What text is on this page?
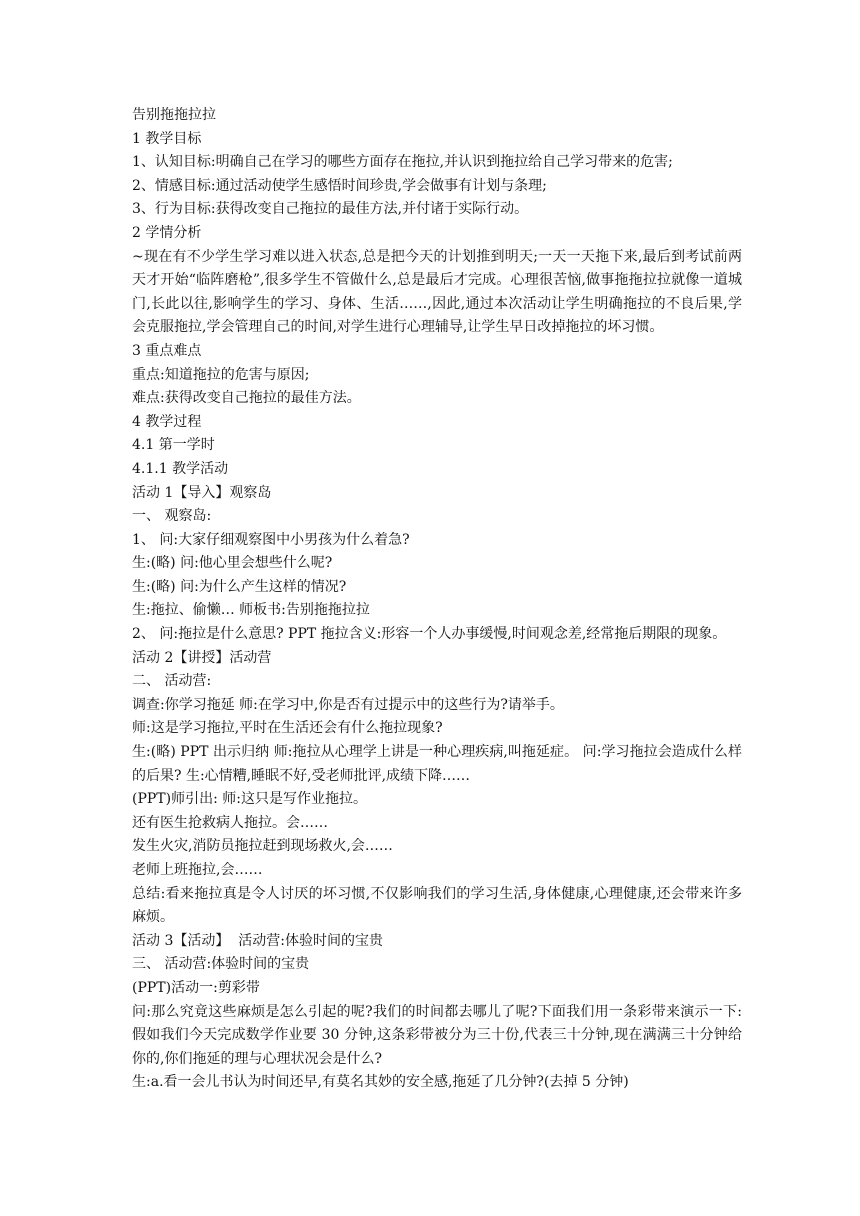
告别拖拖拉拉

1 教学目标

1、认知目标:明确自己在学习的哪些方面存在拖拉,并认识到拖拉给自己学习带来的危害;

2、情感目标:通过活动使学生感悟时间珍贵,学会做事有计划与条理;

3、行为目标:获得改变自己拖拉的最佳方法,并付诸于实际行动。

2 学情分析

~现在有不少学生学习难以进入状态,总是把今天的计划推到明天;一天一天拖下来,最后到考试前两天才开始“临阵磨枪”,很多学生不管做什么,总是最后才完成。心理很苦恼,做事拖拖拉拉就像一道城门,长此以往,影响学生的学习、身体、生活……,因此,通过本次活动让学生明确拖拉的不良后果,学会克服拖拉,学会管理自己的时间,对学生进行心理辅导,让学生早日改掉拖拉的坏习惯。

3 重点难点

重点:知道拖拉的危害与原因;

难点:获得改变自己拖拉的最佳方法。

4 教学过程

4.1 第一学时

4.1.1 教学活动

活动 1【导入】观察岛

一、 观察岛:

1、 问:大家仔细观察图中小男孩为什么着急?

生:(略) 问:他心里会想些什么呢?

生:(略) 问:为什么产生这样的情况?

生:拖拉、偷懒… 师板书:告别拖拖拉拉

2、 问:拖拉是什么意思? PPT 拖拉含义:形容一个人办事缓慢,时间观念差,经常拖后期限的现象。

活动 2【讲授】活动营

二、 活动营:

调查:你学习拖延 师:在学习中,你是否有过提示中的这些行为?请举手。

师:这是学习拖拉,平时在生活还会有什么拖拉现象?

生:(略) PPT 出示归纳 师:拖拉从心理学上讲是一种心理疾病,叫拖延症。 问:学习拖拉会造成什么样的后果? 生:心情糟,睡眠不好,受老师批评,成绩下降……

(PPT)师引出: 师:这只是写作业拖拉。

还有医生抢救病人拖拉。会……

发生火灾,消防员拖拉赶到现场救火,会……

老师上班拖拉,会……

总结:看来拖拉真是令人讨厌的坏习惯,不仅影响我们的学习生活,身体健康,心理健康,还会带来许多麻烦。

活动 3【活动】  活动营:体验时间的宝贵

三、 活动营:体验时间的宝贵

(PPT)活动一:剪彩带

问:那么究竟这些麻烦是怎么引起的呢?我们的时间都去哪儿了呢?下面我们用一条彩带来演示一下: 假如我们今天完成数学作业要 30 分钟,这条彩带被分为三十份,代表三十分钟,现在满满三十分钟给你的,你们拖延的理与心理状况会是什么?

生:a.看一会儿书认为时间还早,有莫名其妙的安全感,拖延了几分钟?(去掉 5 分钟)
